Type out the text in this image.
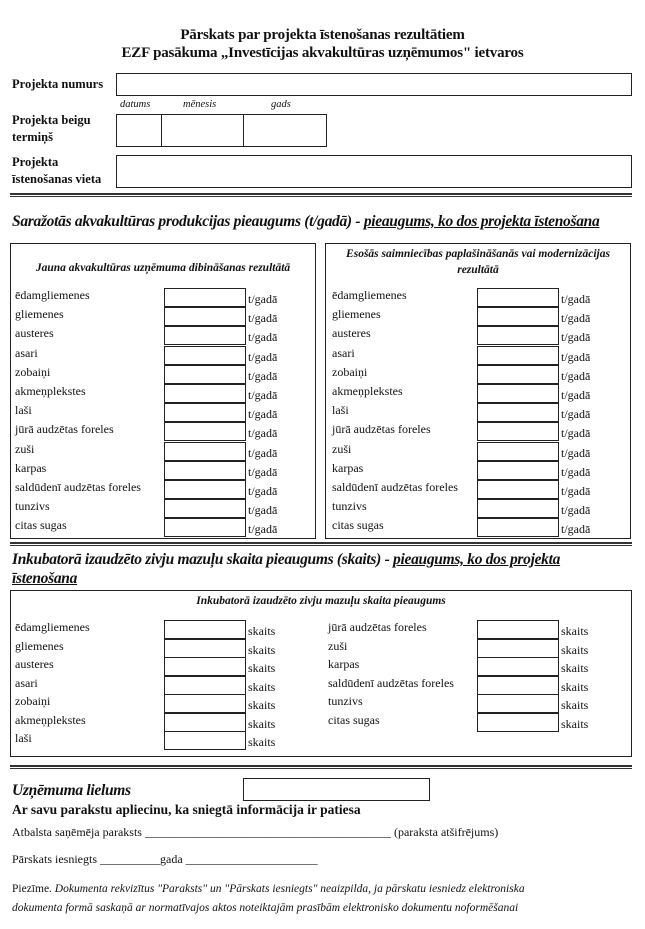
Pārskats par projekta īstenošanas rezultātiem
EZF pasākuma „Investīcijas akvakultūras uzņēmumos" ietvaros
Projekta numurs
datums	mēnesis	gads
Projekta beigu
termiņš
Projekta
īstenošanas vieta
Saražotās akvakultūras produkcijas pieaugums (t/gadā) - pieaugums, ko dos projekta īstenošana
Jauna akvakultūras uzņēmuma dibināšanas rezultātā
ēdamgliemenes	t/gadā
gliemenes	t/gadā
austeres	t/gadā
asari	t/gadā
zobaiņi	t/gadā
akmeņplekstes	t/gadā
laši	t/gadā
jūrā audzētas foreles	t/gadā
zuši	t/gadā
karpas	t/gadā
saldūdenī audzētas foreles	t/gadā
tunzivs	t/gadā
citas sugas	t/gadā
Esošās saimniecības paplašināšanās vai modernizācijas
rezultātā
ēdamgliemenes	t/gadā
gliemenes	t/gadā
austeres	t/gadā
asari	t/gadā
zobaiņi	t/gadā
akmeņplekstes	t/gadā
laši	t/gadā
jūrā audzētas foreles	t/gadā
zuši	t/gadā
karpas	t/gadā
saldūdenī audzētas foreles	t/gadā
tunzivs	t/gadā
citas sugas	t/gadā
Inkubatorā izaudzēto zivju mazuļu skaita pieaugums (skaits) - pieaugums, ko dos projekta
īstenošana
Inkubatorā izaudzēto zivju mazuļu skaita pieaugums
ēdamgliemenes	skaits
gliemenes	skaits
austeres	skaits
asari	skaits
zobaiņi	skaits
akmeņplekstes	skaits
laši	skaits
jūrā audzētas foreles	skaits
zuši	skaits
karpas	skaits
saldūdenī audzētas foreles	skaits
tunzivs	skaits
citas sugas	skaits
Uzņēmuma lielums
Ar savu parakstu apliecinu, ka sniegtā informācija ir patiesa
Atbalsta saņēmēja paraksts _________________________________________ (paraksta atšifrējums)
Pārskats iesniegts __________gada ______________________
Piezīme. Dokumenta rekvizītus "Paraksts" un "Pārskats iesniegts" neaizpilda, ja pārskatu iesniedz elektroniska
dokumenta formā saskaņā ar normatīvajos aktos noteiktajām prasībām elektronisko dokumentu noformēšanai
